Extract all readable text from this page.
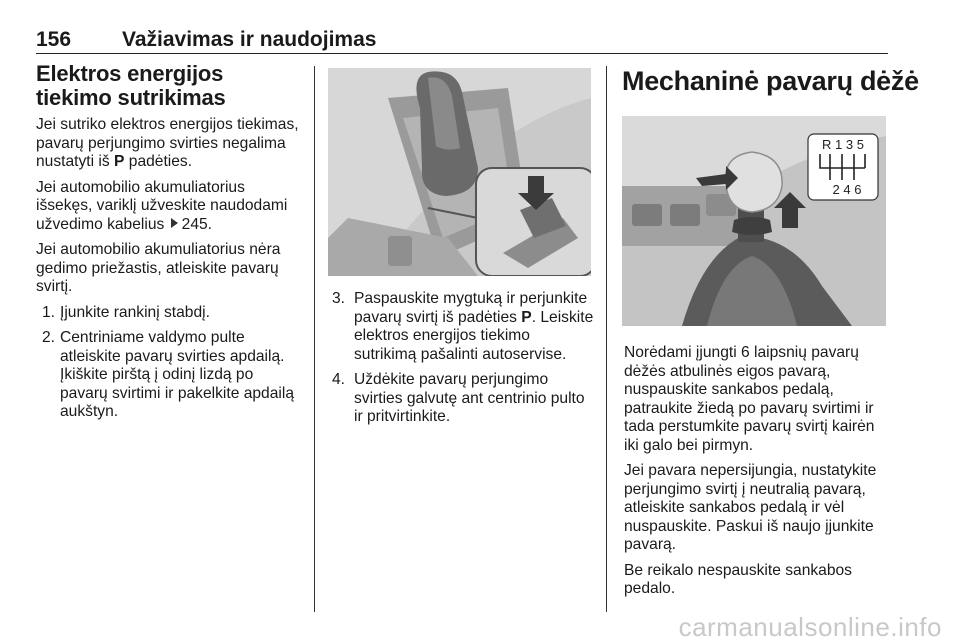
156 Važiavimas ir naudojimas
Elektros energijos tiekimo sutrikimas

Jei sutriko elektros energijos tiekimas, pavarų perjungimo svirties negalima nustatyti iš P padėties.

Jei automobilio akumuliatorius išsekęs, variklį užveskite naudodami užvedimo kabelius 245.

Jei automobilio akumuliatorius nėra gedimo priežastis, atleiskite pavarų svirtį.

1. Įjunkite rankinį stabdį.
2. Centriniame valdymo pulte atleiskite pavarų svirties apdailą. Įkiškite pirštą į odinį lizdą po pavarų svirtimi ir pakelkite apdailą aukštyn.
3. Paspauskite mygtuką ir perjunkite pavarų svirtį iš padėties P. Leiskite elektros energijos tiekimo sutrikimą pašalinti autoservise.
4. Uždėkite pavarų perjungimo svirties galvutę ant centrinio pulto ir pritvirtinkite.
Mechaninė pavarų dėžė
R 1 3 5
2 4 6

Norėdami įjungti 6 laipsnių pavarų dėžės atbulinės eigos pavarą, nuspauskite sankabos pedalą, patraukite žiedą po pavarų svirtimi ir tada perstumkite pavarų svirtį kairėn iki galo bei pirmyn.

Jei pavara nepersijungia, nustatykite perjungimo svirtį į neutralią pavarą, atleiskite sankabos pedalą ir vėl nuspauskite. Paskui iš naujo įjunkite pavarą.

Be reikalo nespauskite sankabos pedalo.

carmanualsonline.info
